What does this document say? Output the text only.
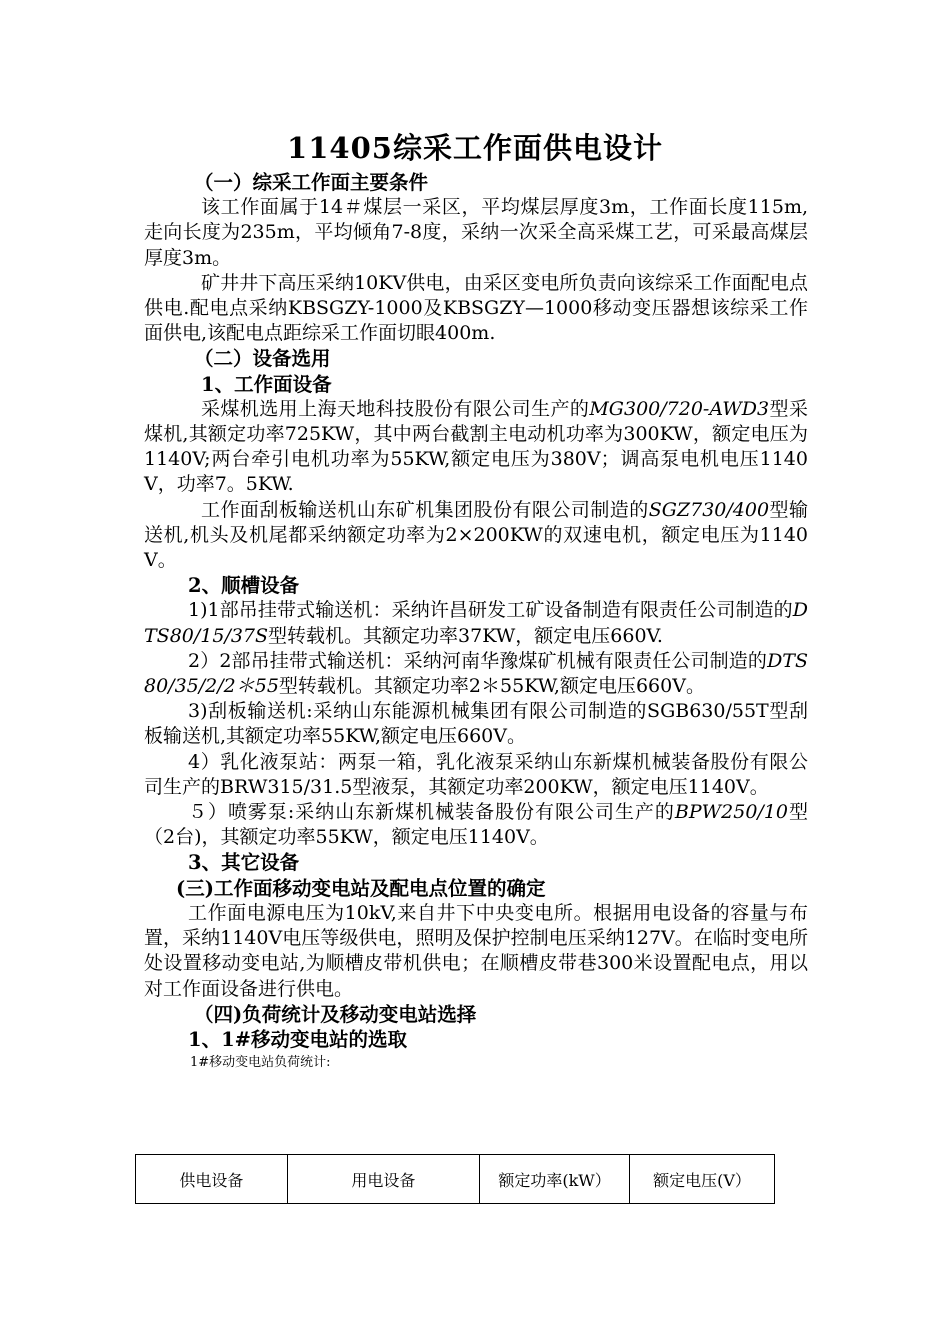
11405综采工作面供电设计

（一）综采工作面主要条件

该工作面属于14＃煤层一采区，平均煤层厚度3m，工作面长度115m,走向长度为235m，平均倾角7-8度，采纳一次采全高采煤工艺，可采最高煤层厚度3m。

矿井井下高压采纳10KV供电，由采区变电所负责向该综采工作面配电点供电.配电点采纳KBSGZY-1000及KBSGZY—1000移动变压器想该综采工作面供电,该配电点距综采工作面切眼400m.

（二）设备选用

1、工作面设备

采煤机选用上海天地科技股份有限公司生产的MG300/720-AWD3型采煤机,其额定功率725KW，其中两台截割主电动机功率为300KW，额定电压为1140V;两台牵引电机功率为55KW,额定电压为380V；调高泵电机电压1140V，功率7。5KW.

工作面刮板输送机山东矿机集团股份有限公司制造的SGZ730/400型输送机,机头及机尾都采纳额定功率为2×200KW的双速电机，额定电压为1140V。

2、顺槽设备

1)1部吊挂带式输送机：采纳许昌研发工矿设备制造有限责任公司制造的DTS80/15/37S型转载机。其额定功率37KW，额定电压660V.

2）2部吊挂带式输送机：采纳河南华豫煤矿机械有限责任公司制造的DTS80/35/2/2＊55型转载机。其额定功率2＊55KW,额定电压660V。

3)刮板输送机:采纳山东能源机械集团有限公司制造的SGB630/55T型刮板输送机,其额定功率55KW,额定电压660V。

4）乳化液泵站：两泵一箱，乳化液泵采纳山东新煤机械装备股份有限公司生产的BRW315/31.5型液泵，其额定功率200KW，额定电压1140V。

５）喷雾泵:采纳山东新煤机械装备股份有限公司生产的BPW250/10型（2台)，其额定功率55KW，额定电压1140V。

3、其它设备

(三)工作面移动变电站及配电点位置的确定

工作面电源电压为10kV,来自井下中央变电所。根据用电设备的容量与布置，采纳1140V电压等级供电，照明及保护控制电压采纳127V。在临时变电所处设置移动变电站,为顺槽皮带机供电；在顺槽皮带巷300米设置配电点，用以对工作面设备进行供电。

（四)负荷统计及移动变电站选择

1、1#移动变电站的选取

1#移动变电站负荷统计:

供电设备	用电设备	额定功率(kW）	额定电压(V）
